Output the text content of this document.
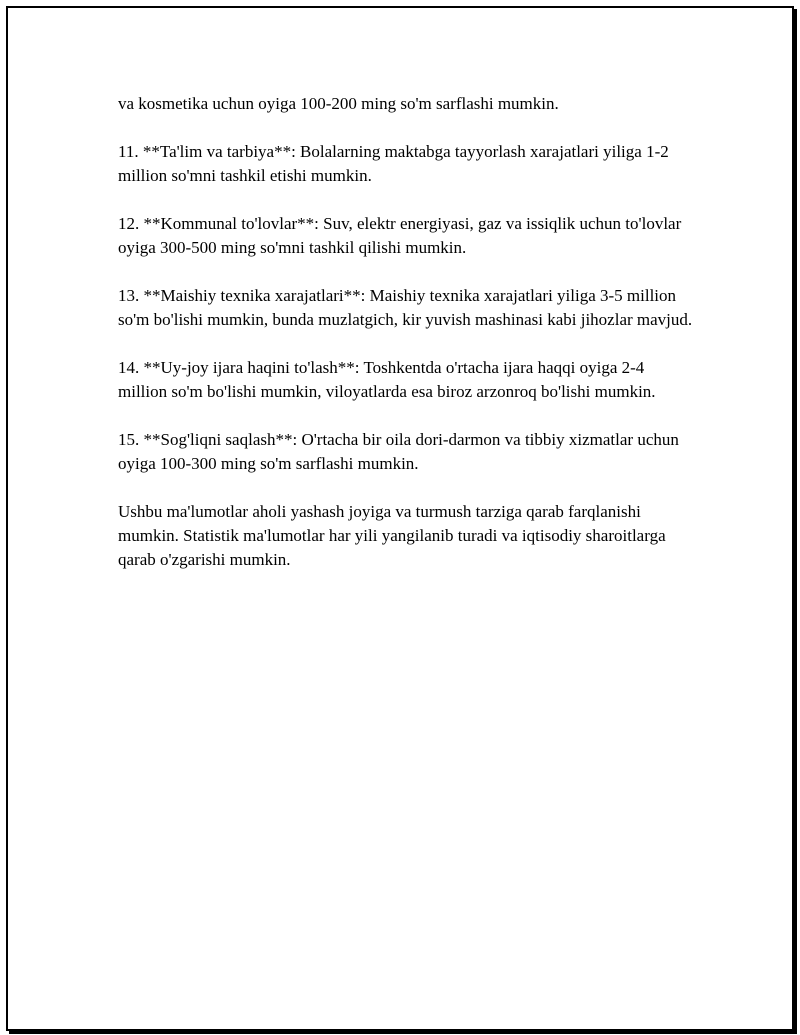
va kosmetika uchun oyiga 100-200 ming so'm sarflashi mumkin.

11. **Ta'lim va tarbiya**: Bolalarning maktabga tayyorlash xarajatlari yiliga 1-2 million so'mni tashkil etishi mumkin.

12. **Kommunal to'lovlar**: Suv, elektr energiyasi, gaz va issiqlik uchun to'lovlar oyiga 300-500 ming so'mni tashkil qilishi mumkin.

13. **Maishiy texnika xarajatlari**: Maishiy texnika xarajatlari yiliga 3-5 million so'm bo'lishi mumkin, bunda muzlatgich, kir yuvish mashinasi kabi jihozlar mavjud.

14. **Uy-joy ijara haqini to'lash**: Toshkentda o'rtacha ijara haqqi oyiga 2-4 million so'm bo'lishi mumkin, viloyatlarda esa biroz arzonroq bo'lishi mumkin.

15. **Sog'liqni saqlash**: O'rtacha bir oila dori-darmon va tibbiy xizmatlar uchun oyiga 100-300 ming so'm sarflashi mumkin.

Ushbu ma'lumotlar aholi yashash joyiga va turmush tarziga qarab farqlanishi mumkin. Statistik ma'lumotlar har yili yangilanib turadi va iqtisodiy sharoitlarga qarab o'zgarishi mumkin.
